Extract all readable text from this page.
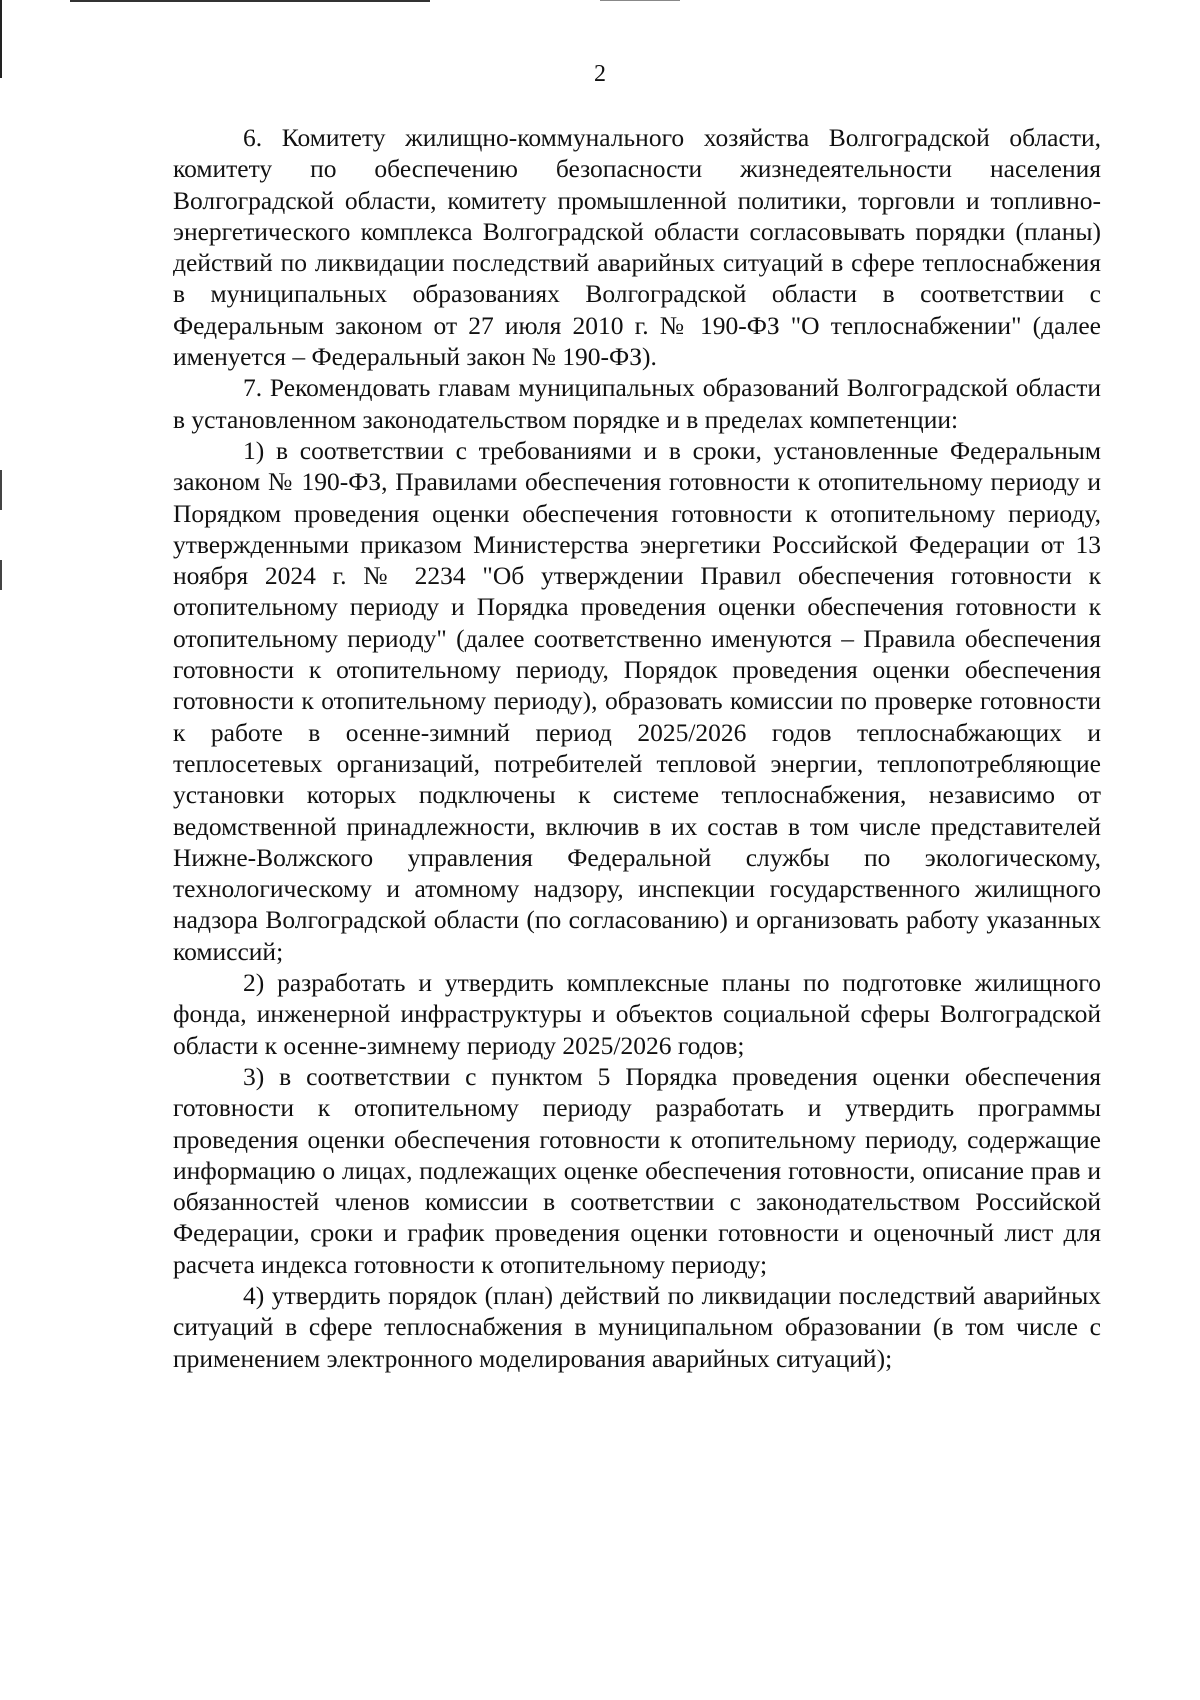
2

6. Комитету жилищно-коммунального хозяйства Волгоградской области, комитету по обеспечению безопасности жизнедеятельности населения Волгоградской области, комитету промышленной политики, торговли и топливно-энергетического комплекса Волгоградской области согласовывать порядки (планы) действий по ликвидации последствий аварийных ситуаций в сфере теплоснабжения в муниципальных образованиях Волгоградской области в соответствии с Федеральным законом от 27 июля 2010 г. № 190-ФЗ "О теплоснабжении" (далее именуется – Федеральный закон № 190-ФЗ).

7. Рекомендовать главам муниципальных образований Волгоградской области в установленном законодательством порядке и в пределах компетенции:

1) в соответствии с требованиями и в сроки, установленные Федеральным законом № 190-ФЗ, Правилами обеспечения готовности к отопительному периоду и Порядком проведения оценки обеспечения готовности к отопительному периоду, утвержденными приказом Министерства энергетики Российской Федерации от 13 ноября 2024 г. № 2234 "Об утверждении Правил обеспечения готовности к отопительному периоду и Порядка проведения оценки обеспечения готовности к отопительному периоду" (далее соответственно именуются – Правила обеспечения готовности к отопительному периоду, Порядок проведения оценки обеспечения готовности к отопительному периоду), образовать комиссии по проверке готовности к работе в осенне-зимний период 2025/2026 годов теплоснабжающих и теплосетевых организаций, потребителей тепловой энергии, теплопотребляющие установки которых подключены к системе теплоснабжения, независимо от ведомственной принадлежности, включив в их состав в том числе представителей Нижне-Волжского управления Федеральной службы по экологическому, технологическому и атомному надзору, инспекции государственного жилищного надзора Волгоградской области (по согласованию) и организовать работу указанных комиссий;

2) разработать и утвердить комплексные планы по подготовке жилищного фонда, инженерной инфраструктуры и объектов социальной сферы Волгоградской области к осенне-зимнему периоду 2025/2026 годов;

3) в соответствии с пунктом 5 Порядка проведения оценки обеспечения готовности к отопительному периоду разработать и утвердить программы проведения оценки обеспечения готовности к отопительному периоду, содержащие информацию о лицах, подлежащих оценке обеспечения готовности, описание прав и обязанностей членов комиссии в соответствии с законодательством Российской Федерации, сроки и график проведения оценки готовности и оценочный лист для расчета индекса готовности к отопительному периоду;

4) утвердить порядок (план) действий по ликвидации последствий аварийных ситуаций в сфере теплоснабжения в муниципальном образовании (в том числе с применением электронного моделирования аварийных ситуаций);
